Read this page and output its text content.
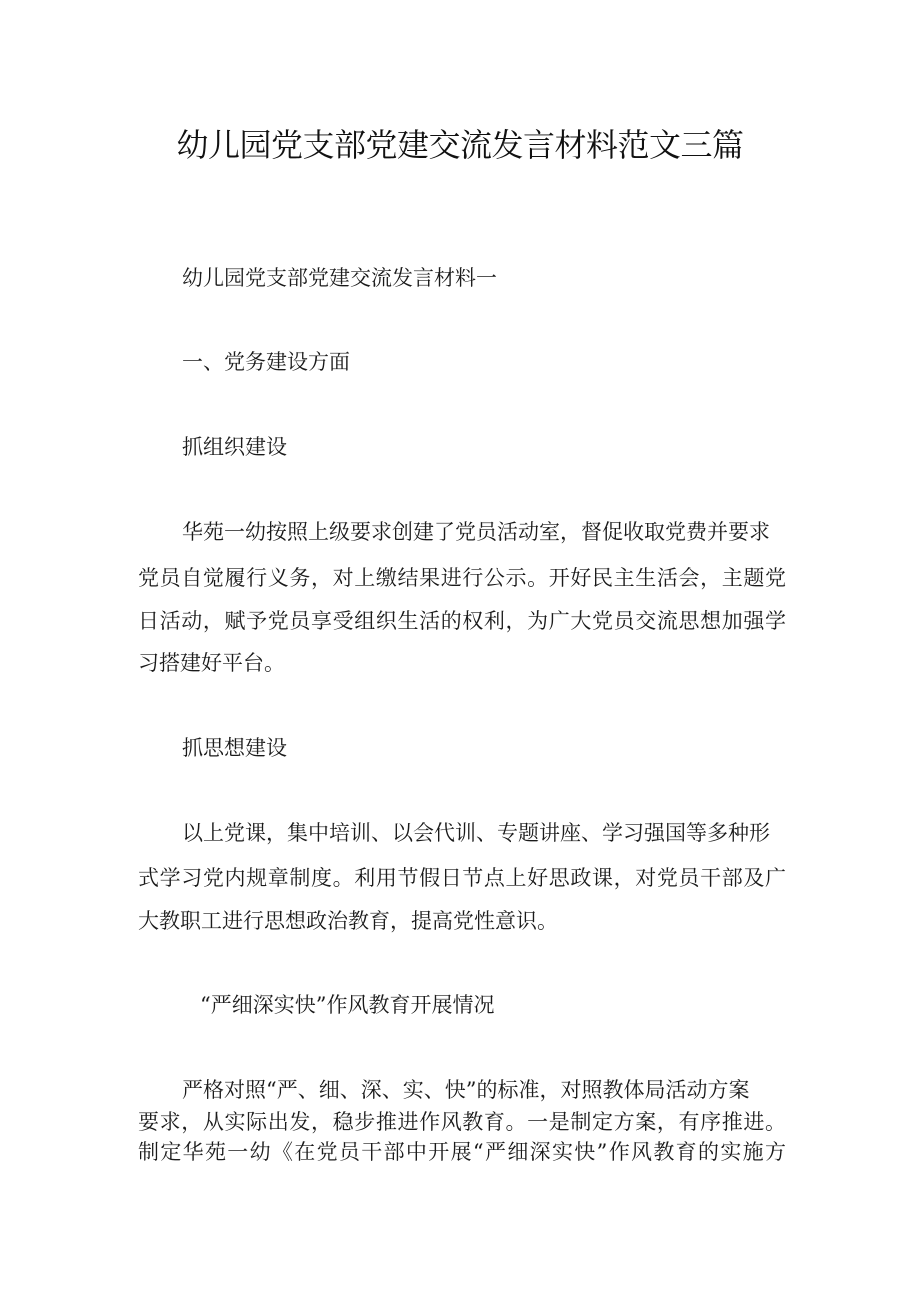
幼儿园党支部党建交流发言材料范文三篇
幼儿园党支部党建交流发言材料一
一、党务建设方面
抓组织建设
华苑一幼按照上级要求创建了党员活动室，督促收取党费并要求
党员自觉履行义务，对上缴结果进行公示。开好民主生活会，主题党
日活动，赋予党员享受组织生活的权利，为广大党员交流思想加强学
习搭建好平台。
抓思想建设
以上党课，集中培训、以会代训、专题讲座、学习强国等多种形
式学习党内规章制度。利用节假日节点上好思政课，对党员干部及广
大教职工进行思想政治教育，提高党性意识。
“严细深实快”作风教育开展情况
严格对照“严、细、深、实、快”的标准，对照教体局活动方案
要求，从实际出发，稳步推进作风教育。一是制定方案，有序推进。
制定华苑一幼《在党员干部中开展“严细深实快”作风教育的实施方
